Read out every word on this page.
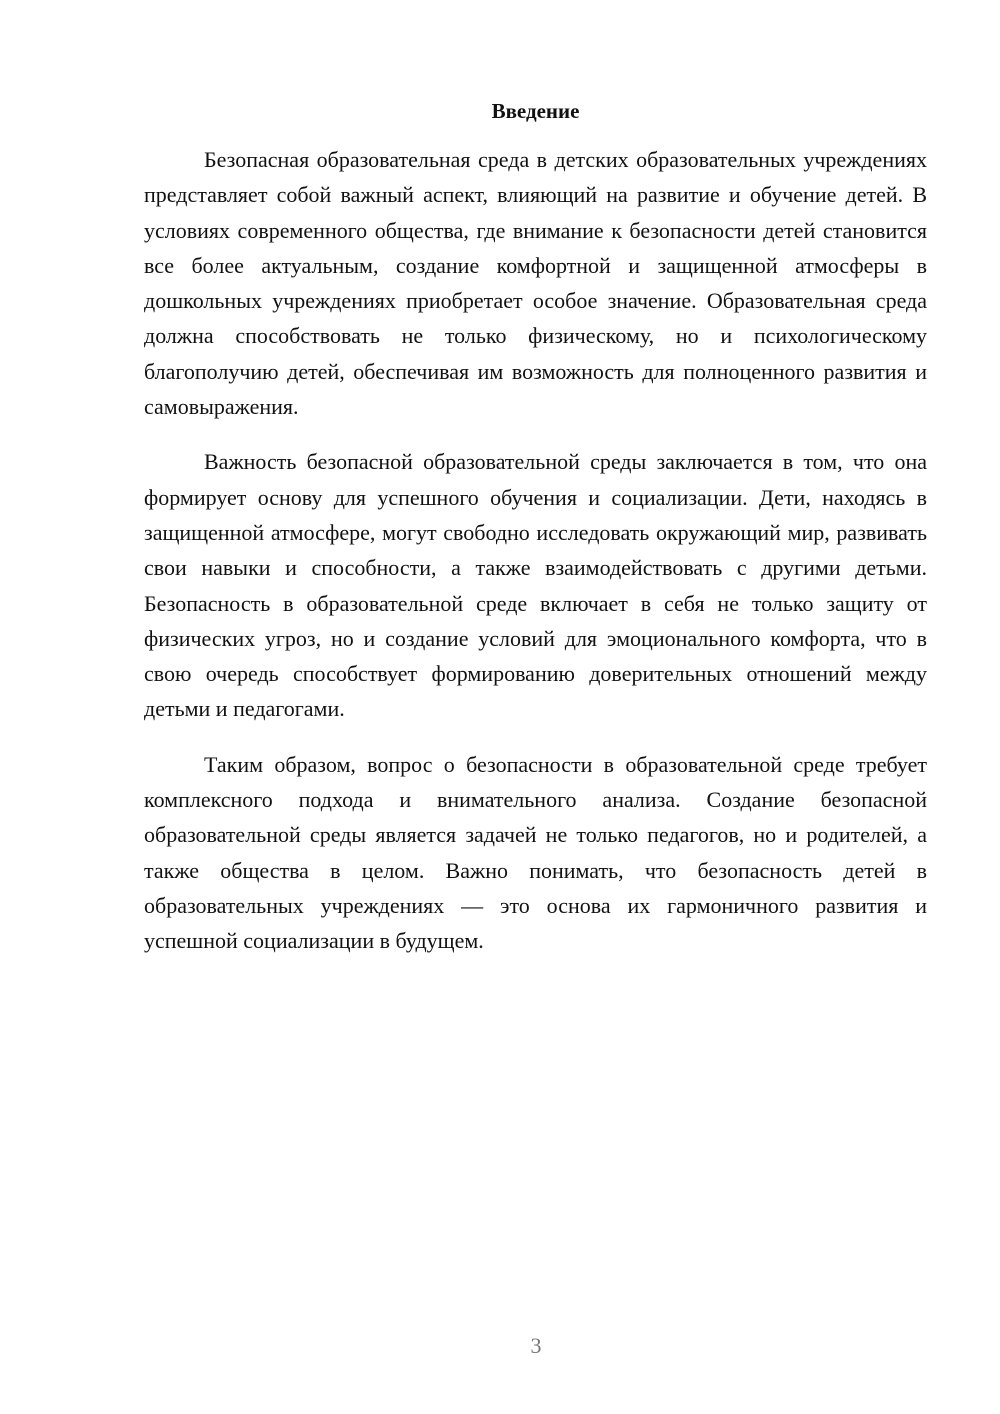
Введение

Безопасная образовательная среда в детских образовательных учреждениях представляет собой важный аспект, влияющий на развитие и обучение детей. В условиях современного общества, где внимание к безопасности детей становится все более актуальным, создание комфортной и защищенной атмосферы в дошкольных учреждениях приобретает особое значение. Образовательная среда должна способствовать не только физическому, но и психологическому благополучию детей, обеспечивая им возможность для полноценного развития и самовыражения.

Важность безопасной образовательной среды заключается в том, что она формирует основу для успешного обучения и социализации. Дети, находясь в защищенной атмосфере, могут свободно исследовать окружающий мир, развивать свои навыки и способности, а также взаимодействовать с другими детьми. Безопасность в образовательной среде включает в себя не только защиту от физических угроз, но и создание условий для эмоционального комфорта, что в свою очередь способствует формированию доверительных отношений между детьми и педагогами.

Таким образом, вопрос о безопасности в образовательной среде требует комплексного подхода и внимательного анализа. Создание безопасной образовательной среды является задачей не только педагогов, но и родителей, а также общества в целом. Важно понимать, что безопасность детей в образовательных учреждениях — это основа их гармоничного развития и успешной социализации в будущем.

3
